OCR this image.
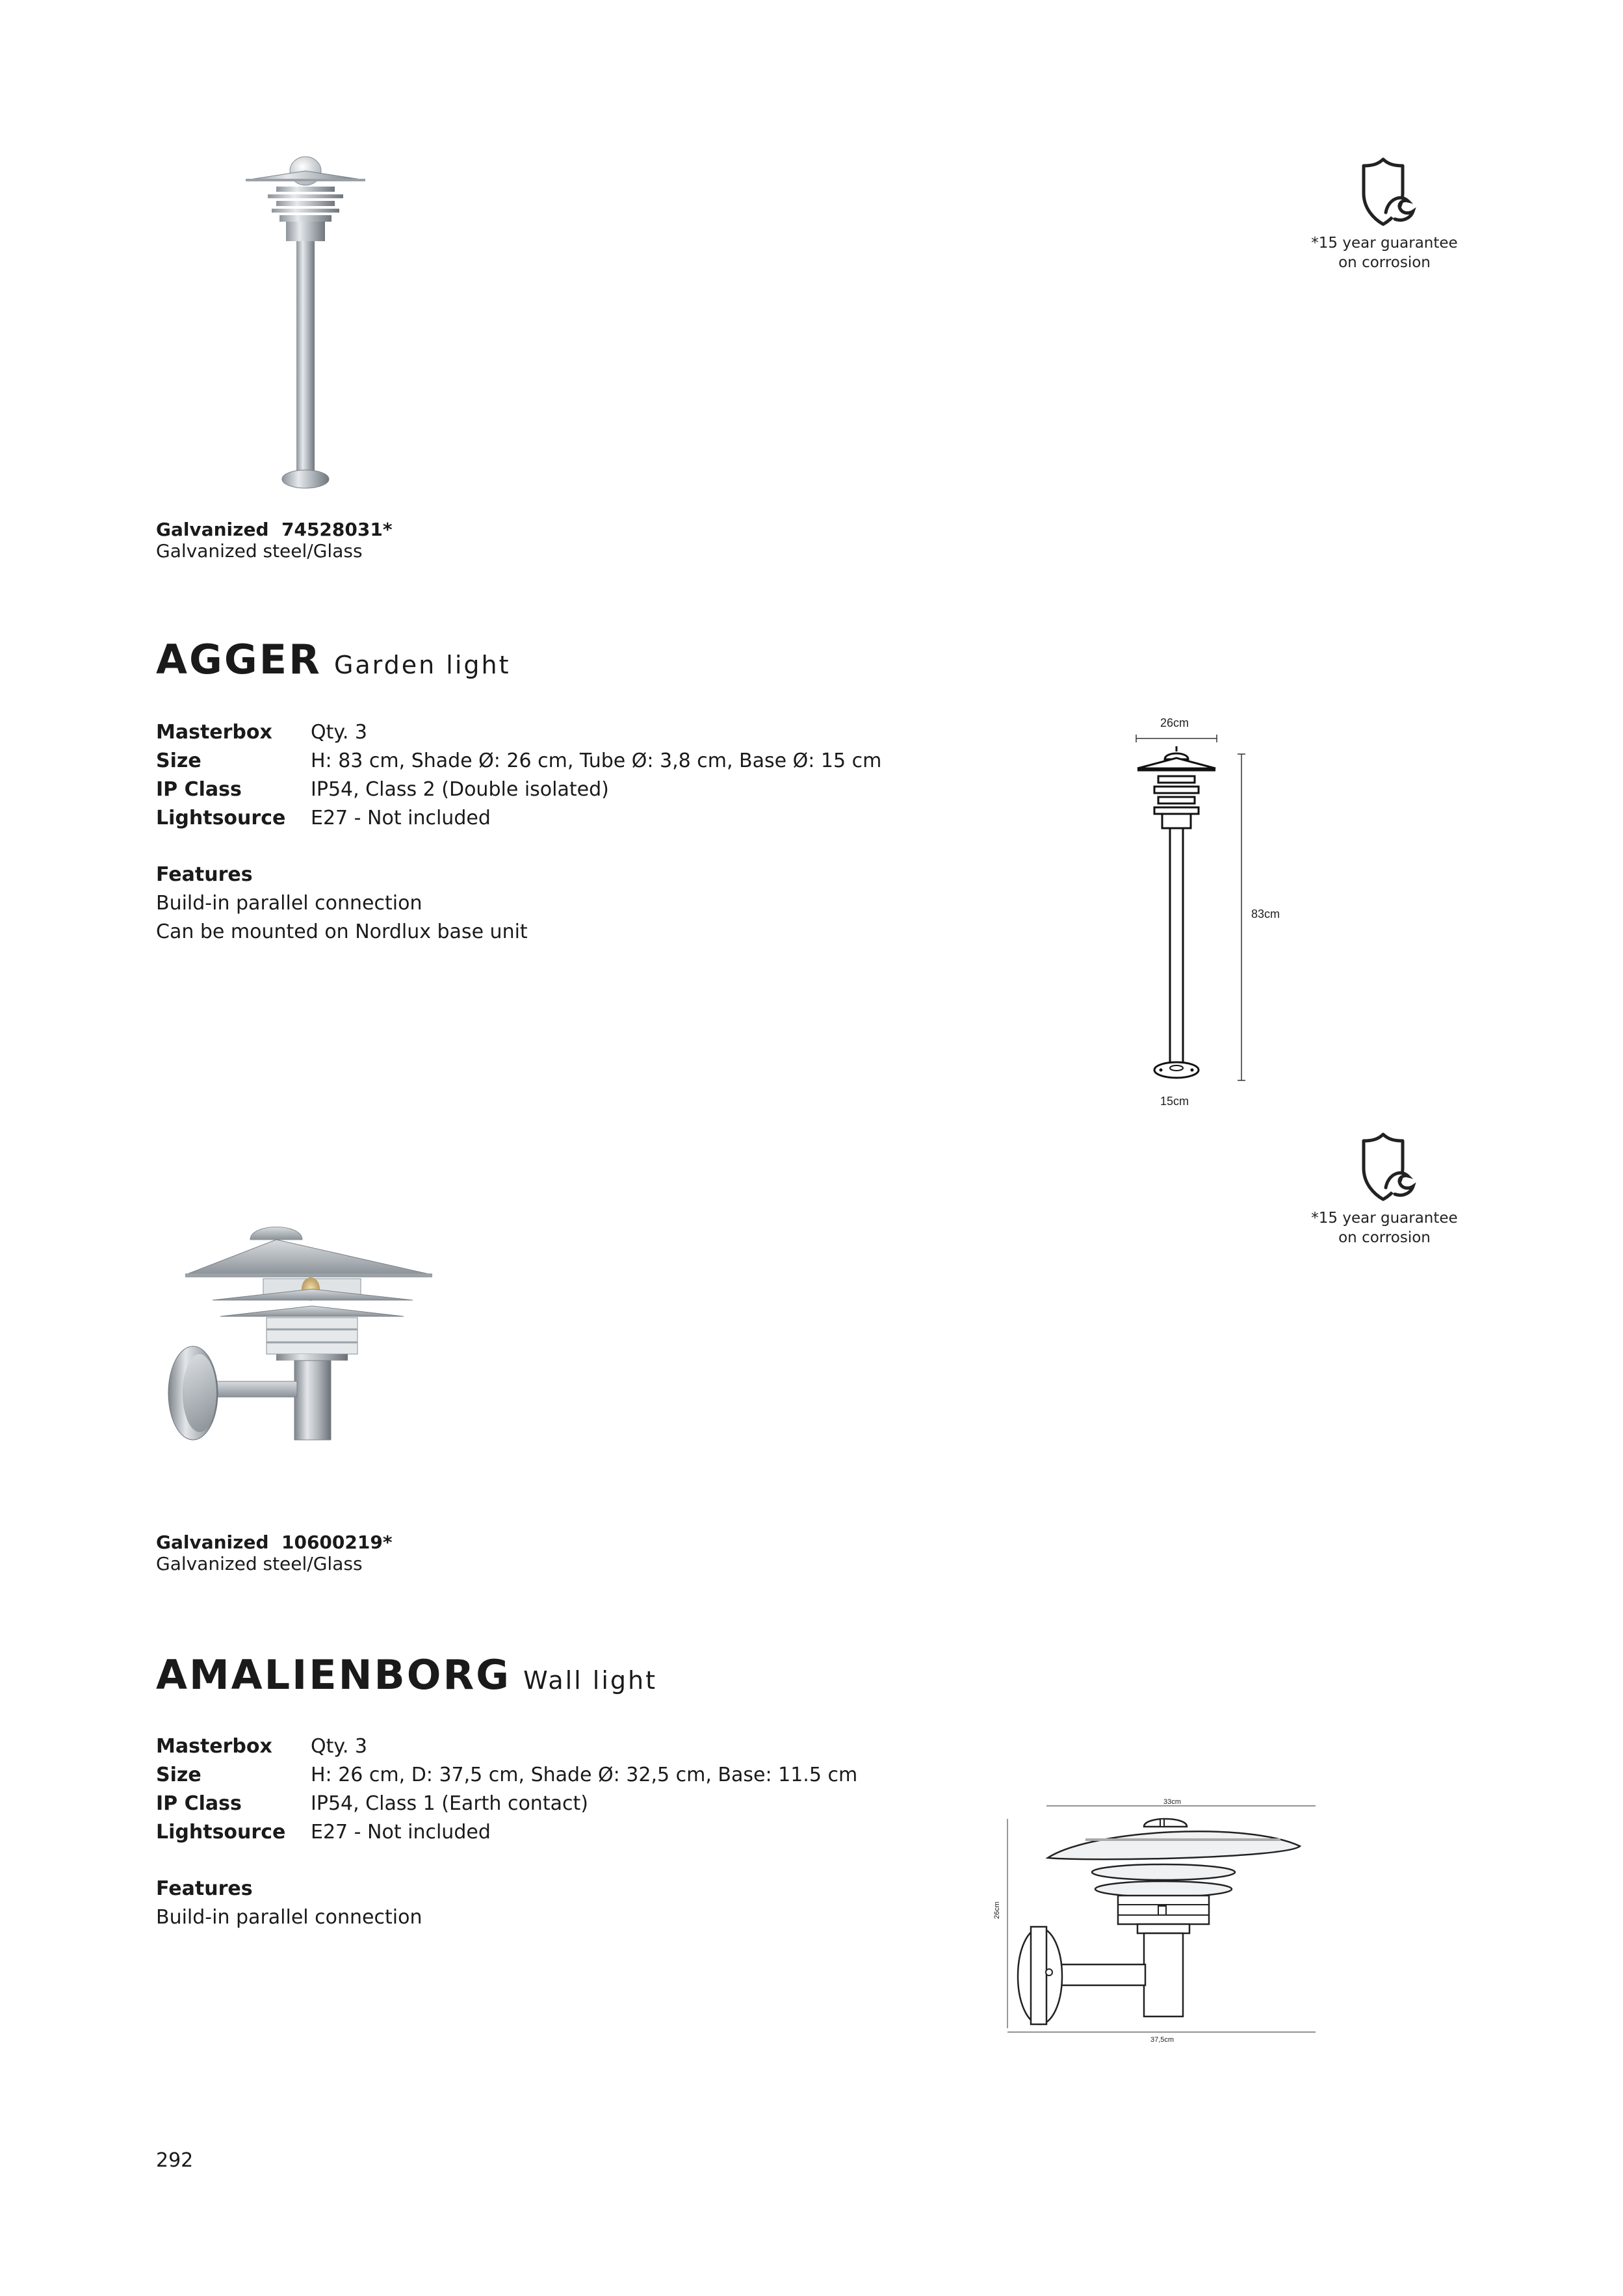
*15 year guarantee
on corrosion
Galvanized 74528031*
Galvanized steel/Glass
AGGER Garden light
Masterbox	Qty. 3
Size	H: 83 cm, Shade Ø: 26 cm, Tube Ø: 3,8 cm, Base Ø: 15 cm
IP Class	IP54, Class 2 (Double isolated)
Lightsource	E27 - Not included
Features
Build-in parallel connection
Can be mounted on Nordlux base unit
26cm
83cm
15cm
*15 year guarantee
on corrosion
Galvanized 10600219*
Galvanized steel/Glass
AMALIENBORG Wall light
Masterbox	Qty. 3
Size	H: 26 cm, D: 37,5 cm, Shade Ø: 32,5 cm, Base: 11.5 cm
IP Class	IP54, Class 1 (Earth contact)
Lightsource	E27 - Not included
Features
Build-in parallel connection
33cm
26cm
37,5cm
292
